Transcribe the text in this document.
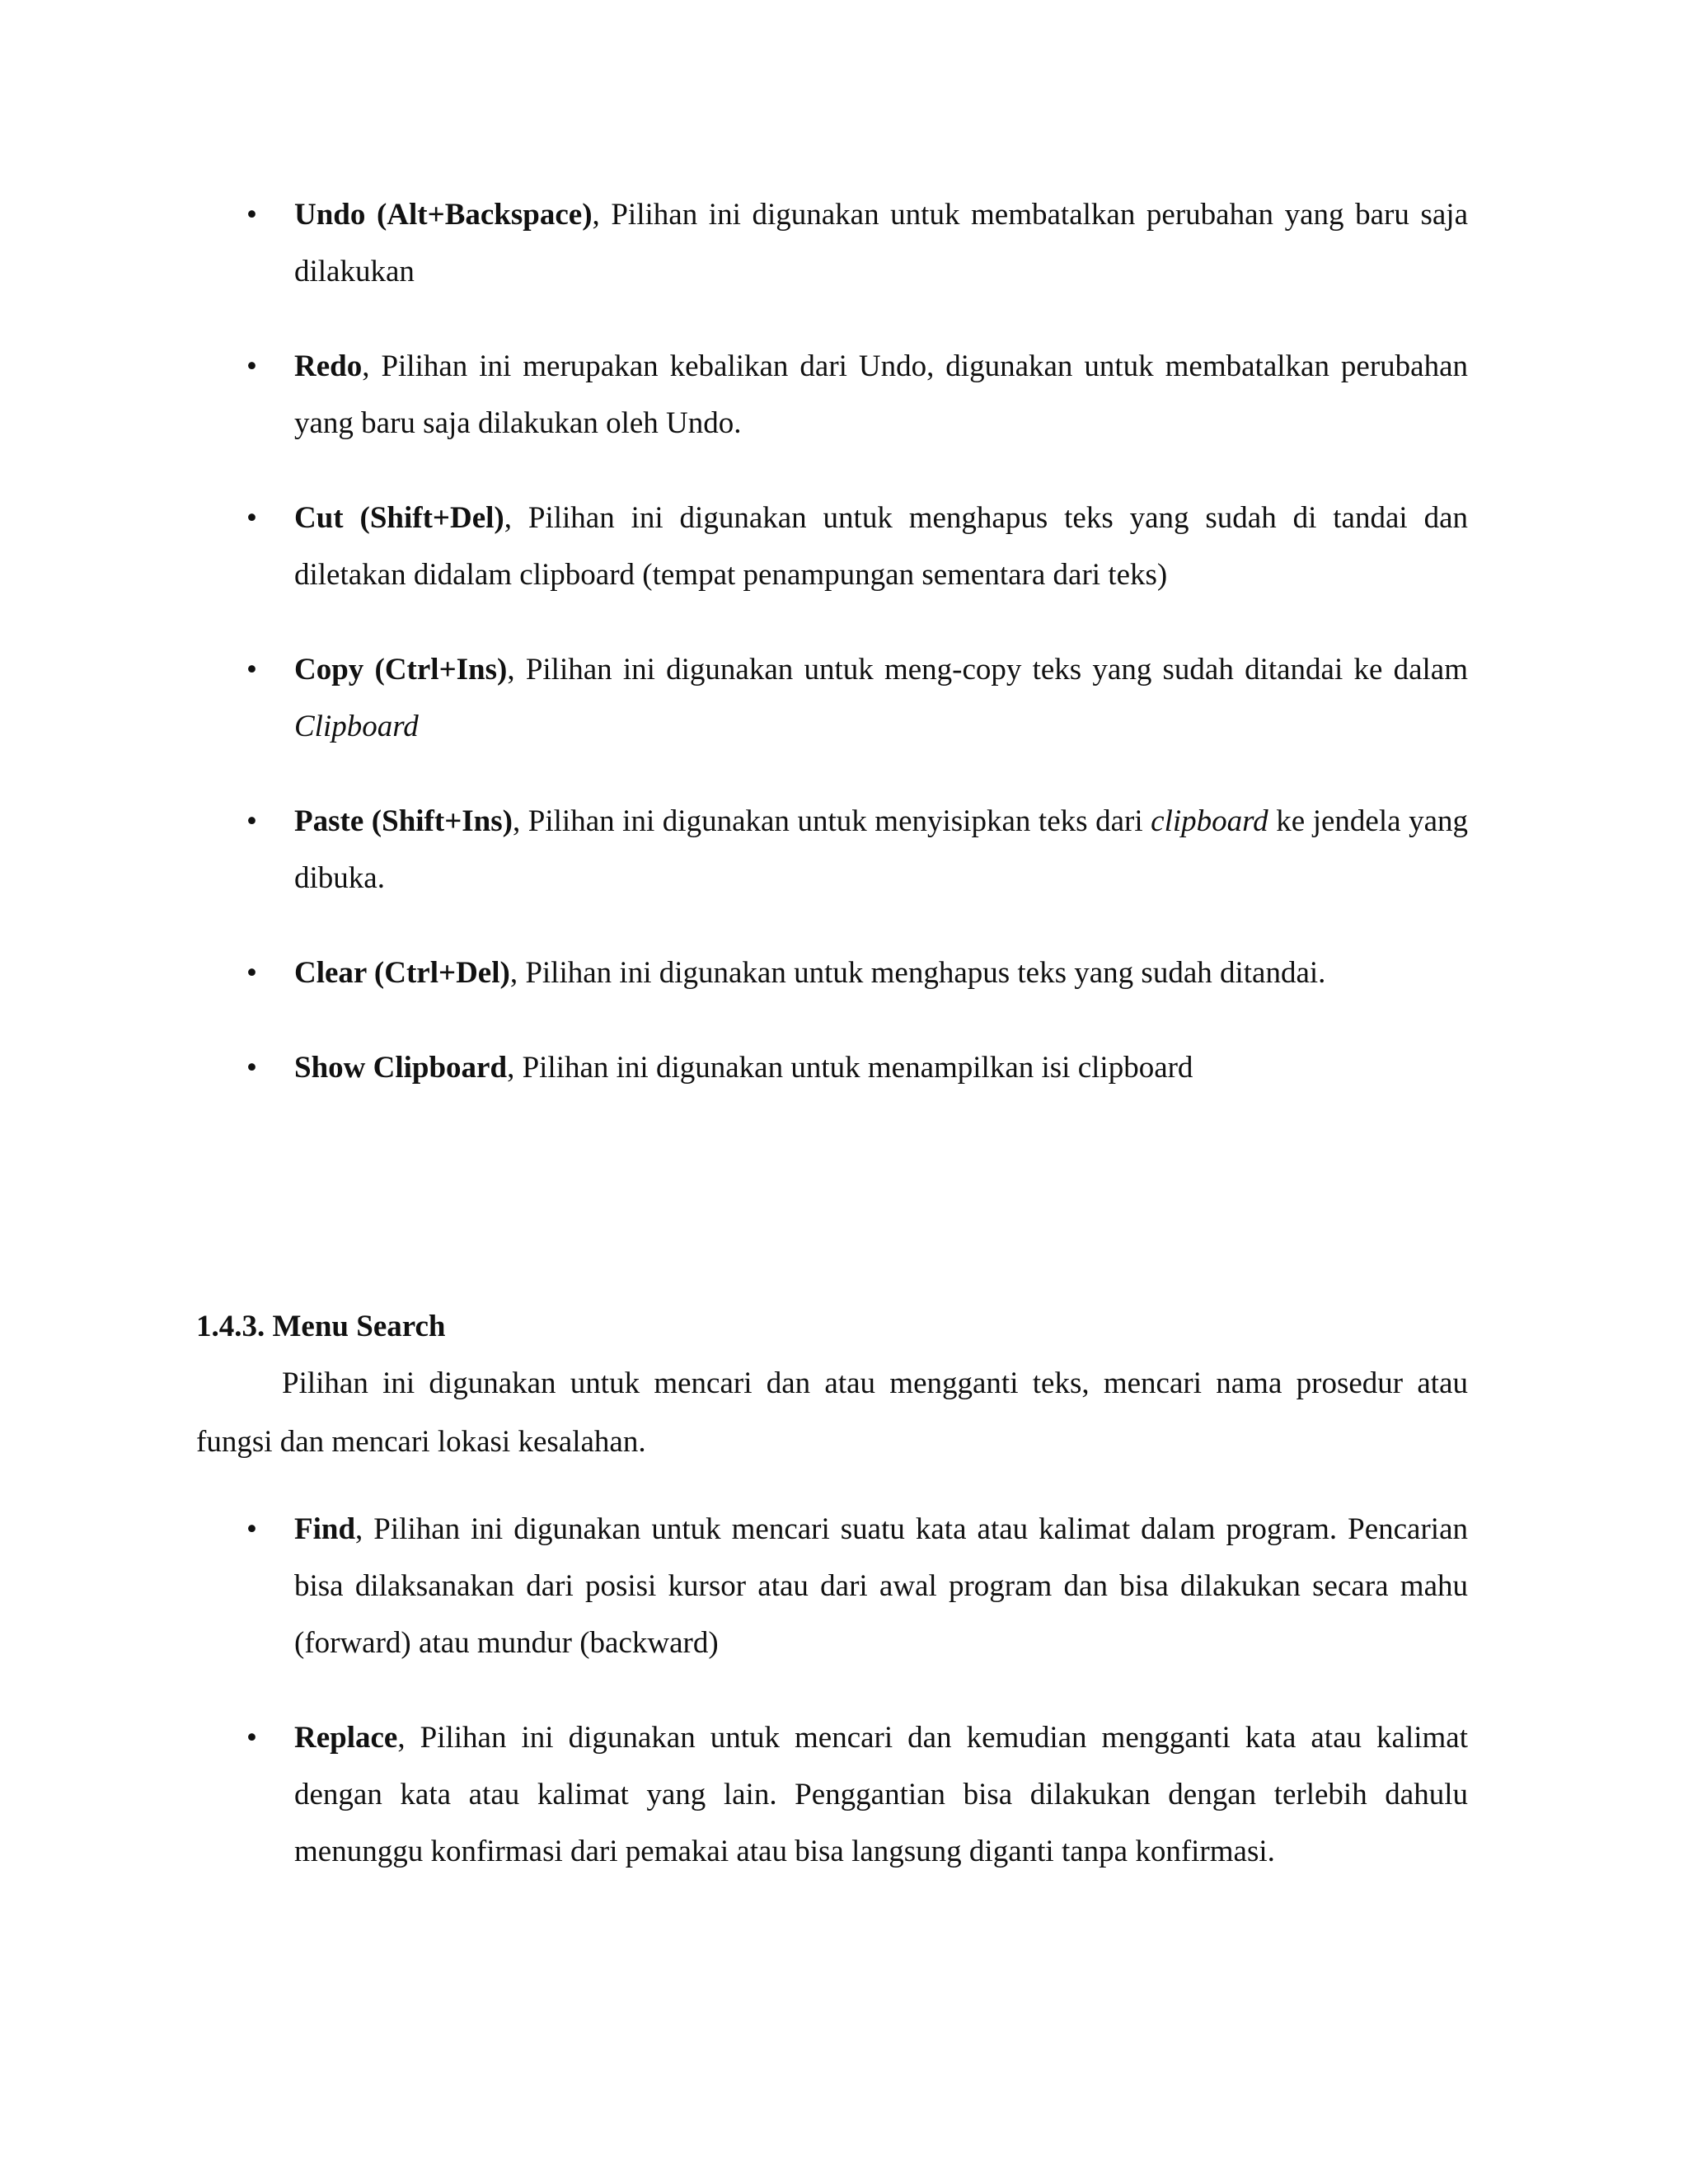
• Undo (Alt+Backspace), Pilihan ini digunakan untuk membatalkan perubahan yang baru saja dilakukan
• Redo, Pilihan ini merupakan kebalikan dari Undo, digunakan untuk membatalkan perubahan yang baru saja dilakukan oleh Undo.
• Cut (Shift+Del), Pilihan ini digunakan untuk menghapus teks yang sudah di tandai dan diletakan didalam clipboard (tempat penampungan sementara dari teks)
• Copy (Ctrl+Ins), Pilihan ini digunakan untuk meng-copy teks yang sudah ditandai ke dalam Clipboard
• Paste (Shift+Ins), Pilihan ini digunakan untuk menyisipkan teks dari clipboard ke jendela yang dibuka.
• Clear (Ctrl+Del), Pilihan ini digunakan untuk menghapus teks yang sudah ditandai.
• Show Clipboard, Pilihan ini digunakan untuk menampilkan isi clipboard
1.4.3. Menu Search

Pilihan ini digunakan untuk mencari dan atau mengganti teks, mencari nama prosedur atau fungsi dan mencari lokasi kesalahan.

• Find, Pilihan ini digunakan untuk mencari suatu kata atau kalimat dalam program. Pencarian bisa dilaksanakan dari posisi kursor atau dari awal program dan bisa dilakukan secara mahu (forward) atau mundur (backward)
• Replace, Pilihan ini digunakan untuk mencari dan kemudian mengganti kata atau kalimat dengan kata atau kalimat yang lain. Penggantian bisa dilakukan dengan terlebih dahulu menunggu konfirmasi dari pemakai atau bisa langsung diganti tanpa konfirmasi.
